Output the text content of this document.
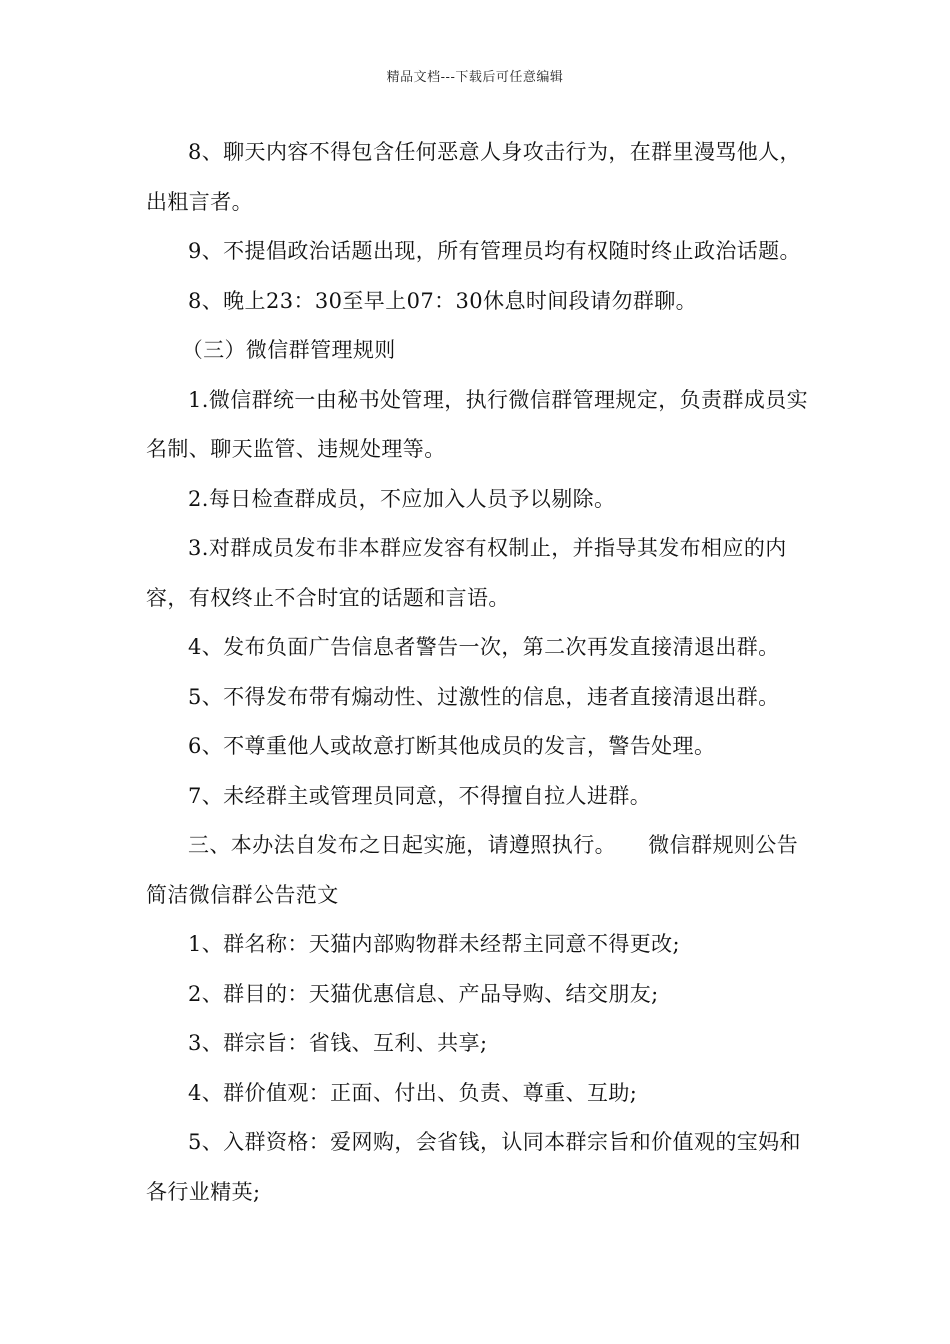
精品文档---下载后可任意编辑

8、聊天内容不得包含任何恶意人身攻击行为，在群里漫骂他人，出粗言者。

9、不提倡政治话题出现，所有管理员均有权随时终止政治话题。

8、晚上23：30至早上07：30休息时间段请勿群聊。

（三）微信群管理规则

1.微信群统一由秘书处管理，执行微信群管理规定，负责群成员实名制、聊天监管、违规处理等。

2.每日检查群成员，不应加入人员予以剔除。

3.对群成员发布非本群应发容有权制止，并指导其发布相应的内容，有权终止不合时宜的话题和言语。

4、发布负面广告信息者警告一次，第二次再发直接清退出群。

5、不得发布带有煽动性、过激性的信息，违者直接清退出群。

6、不尊重他人或故意打断其他成员的发言，警告处理。

7、未经群主或管理员同意，不得擅自拉人进群。

三、本办法自发布之日起实施，请遵照执行。　　微信群规则公告简洁微信群公告范文

1、群名称：天猫内部购物群未经帮主同意不得更改;

2、群目的：天猫优惠信息、产品导购、结交朋友;

3、群宗旨：省钱、互利、共享;

4、群价值观：正面、付出、负责、尊重、互助;

5、入群资格：爱网购，会省钱，认同本群宗旨和价值观的宝妈和各行业精英;
